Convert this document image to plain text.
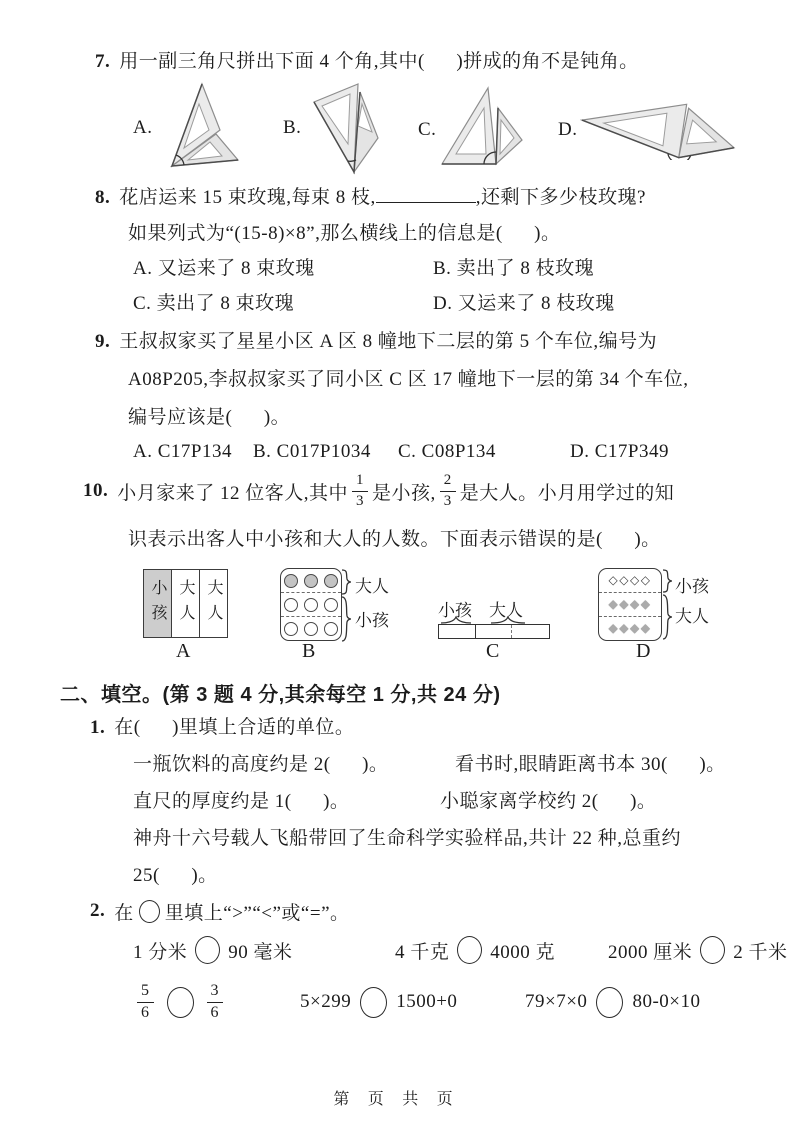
7. 用一副三角尺拼出下面 4 个角,其中(      )拼成的角不是钝角。
A.	B.	C.	D.
8. 花店运来 15 束玫瑰,每束 8 枝,	,还剩下多少枝玫瑰?
如果列式为“(15-8)×8”,那么横线上的信息是(      )。
A. 又运来了 8 束玫瑰	B. 卖出了 8 枝玫瑰
C. 卖出了 8 束玫瑰	D. 又运来了 8 枝玫瑰
9. 王叔叔家买了星星小区 A 区 8 幢地下二层的第 5 个车位,编号为
A08P205,李叔叔家买了同小区 C 区 17 幢地下一层的第 34 个车位,
编号应该是(      )。
A. C17P134 B. C017P1034 C. C08P134	D. C17P349
10. 小月家来了 12 位客人,其中 $\frac{1}{3}$ 是小孩, $\frac{2}{3}$ 是大人。小月用学过的知
识表示出客人中小孩和大人的人数。下面表示错误的是(      )。
小孩 大人 大人
A
大人
小孩
B
小孩 大人
C
◇◇◇◇
◆◆◆◆
◆◆◆◆
小孩
大人
D
二、填空。(第 3 题 4 分,其余每空 1 分,共 24 分)
1. 在(      )里填上合适的单位。
一瓶饮料的高度约是 2(      )。	看书时,眼睛距离书本 30(      )。
直尺的厚度约是 1(      )。	小聪家离学校约 2(      )。
神舟十六号载人飞船带回了生命科学实验样品,共计 22 种,总重约
25(      )。
2. 在 里填上“>”“<”或“=”。
1 分米 90 毫米	4 千克 4000 克	2000 厘米 2 千米
$\frac{5}{6}$	$\frac{3}{6}$	5×299 1500+0	79×7×0 80-0×10
第 页 共 页
